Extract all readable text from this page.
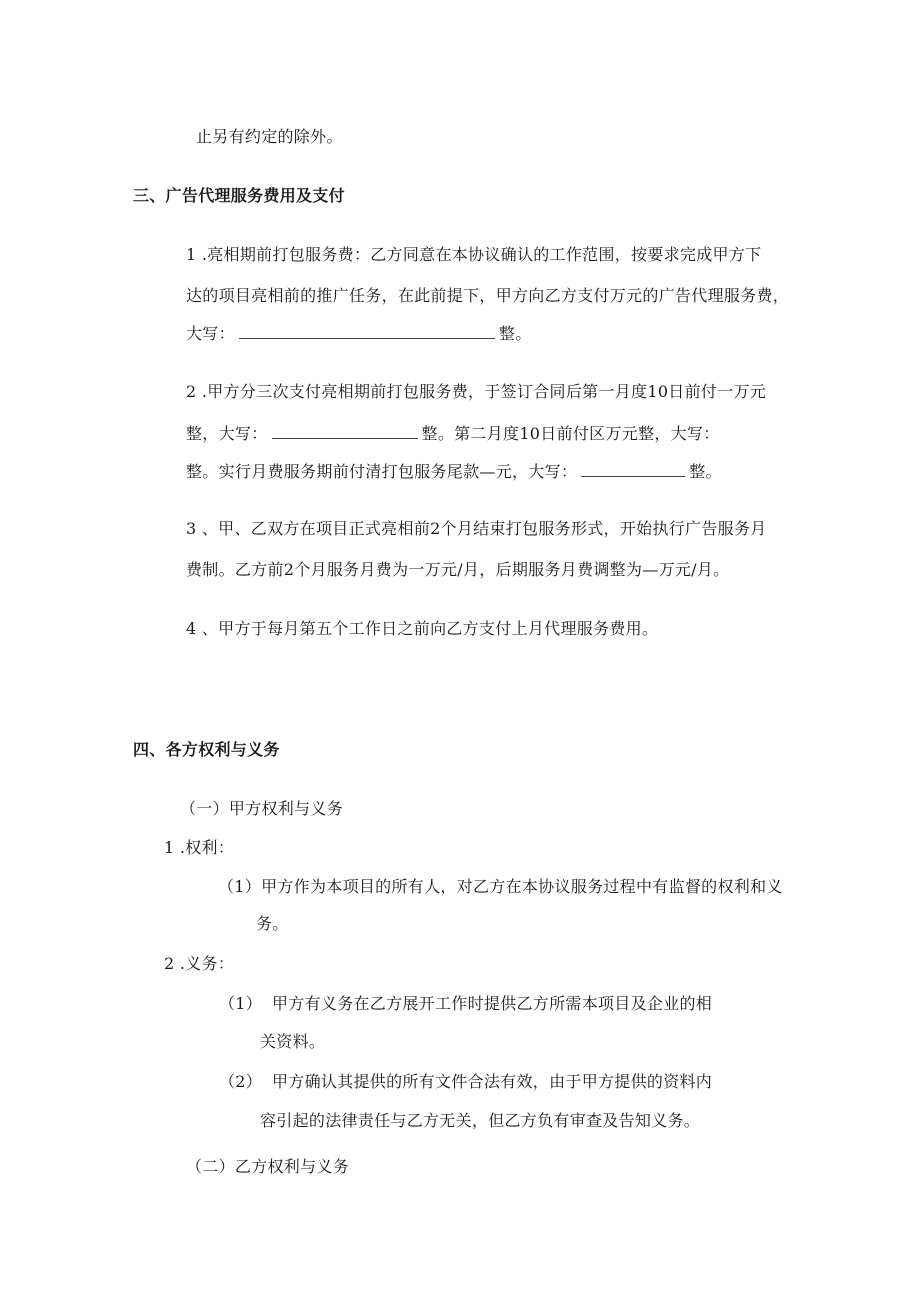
止另有约定的除外。
三、广告代理服务费用及支付
1 .亮相期前打包服务费：乙方同意在本协议确认的工作范围，按要求完成甲方下
达的项目亮相前的推广任务，在此前提下，甲方向乙方支付万元的广告代理服务费，
大写：	整。
2 .甲方分三次支付亮相期前打包服务费，于签订合同后第一月度10日前付一万元
整，大写：	整。第二月度10日前付区万元整，大写：
整。实行月费服务期前付清打包服务尾款—元，大写：	整。
3 、甲、乙双方在项目正式亮相前2个月结束打包服务形式，开始执行广告服务月
费制。乙方前2个月服务月费为一万元/月，后期服务月费调整为—万元/月。
4 、甲方于每月第五个工作日之前向乙方支付上月代理服务费用。
四、各方权利与义务
（一）甲方权利与义务
1 .权利：
（1）甲方作为本项目的所有人，对乙方在本协议服务过程中有监督的权利和义
务。
2 .义务：
（1） 甲方有义务在乙方展开工作时提供乙方所需本项目及企业的相
关资料。
（2） 甲方确认其提供的所有文件合法有效，由于甲方提供的资料内
容引起的法律责任与乙方无关，但乙方负有审查及告知义务。
（二）乙方权利与义务
